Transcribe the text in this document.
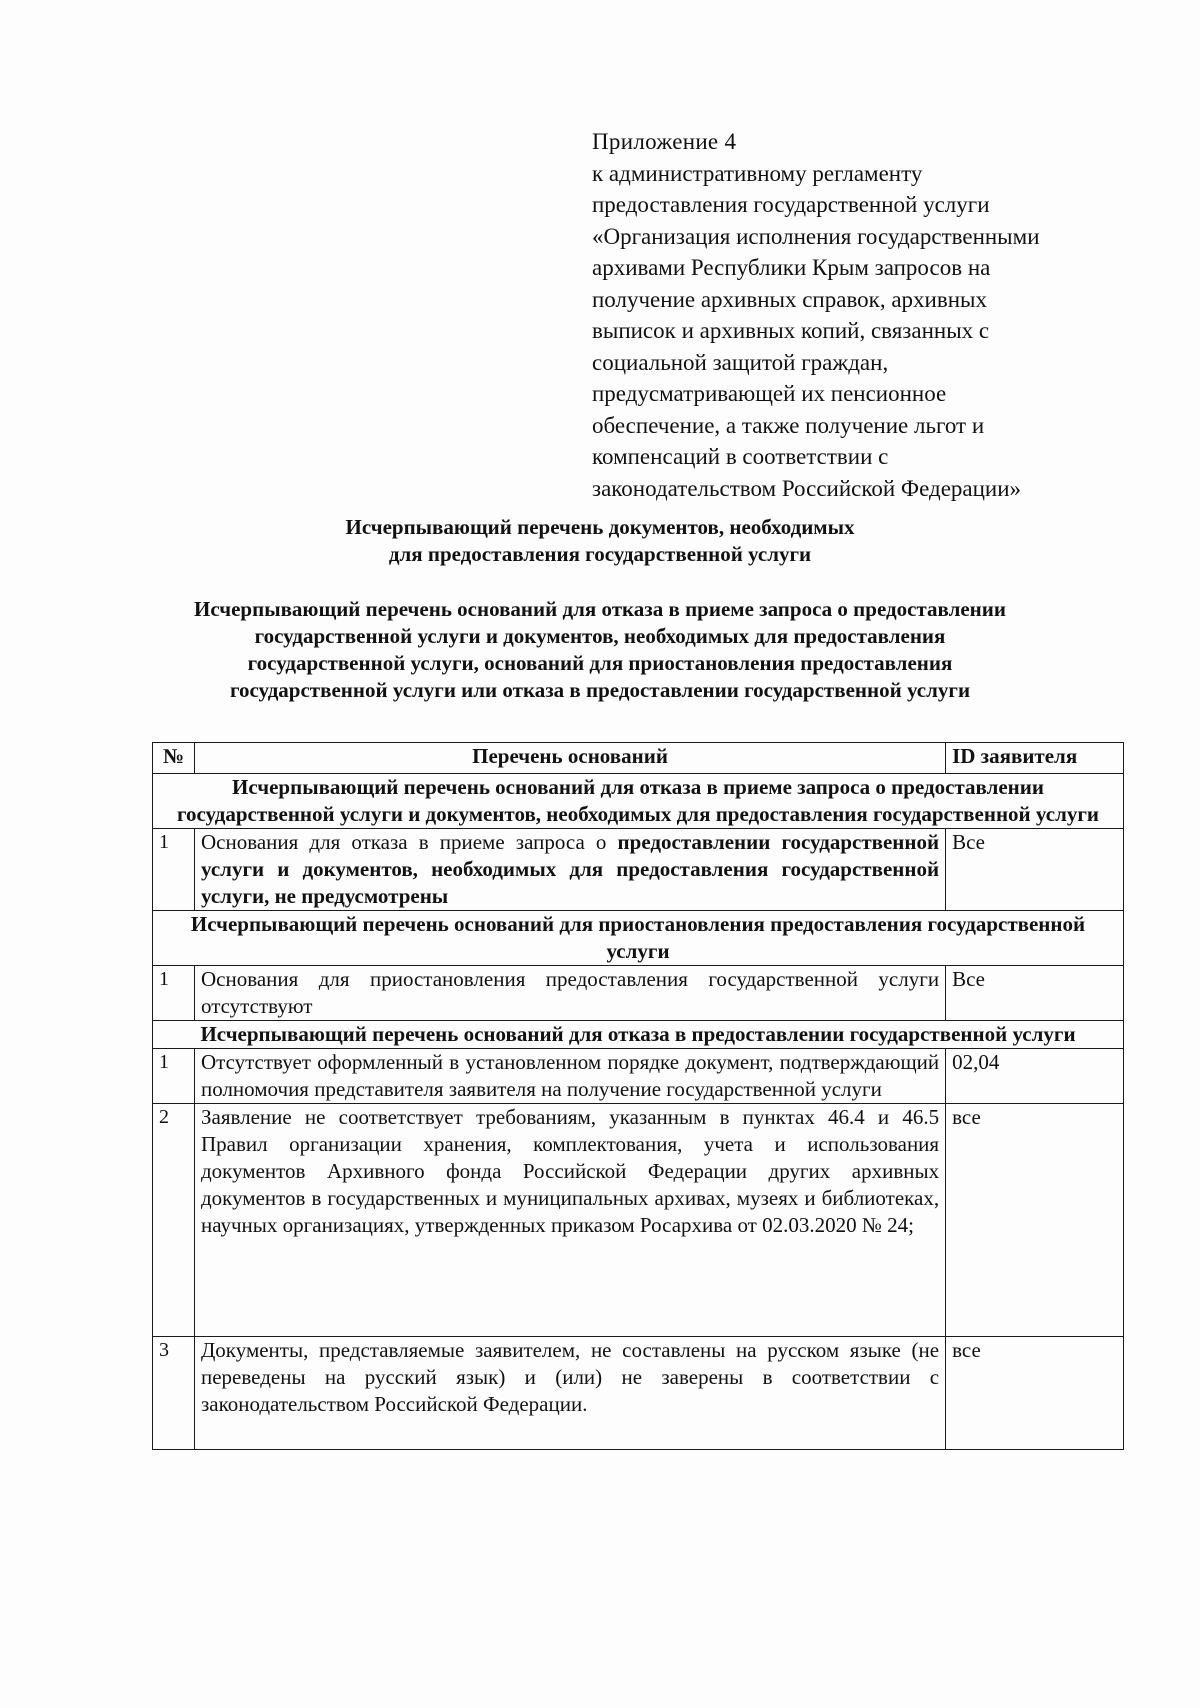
Приложение 4
к административному регламенту
предоставления государственной услуги
«Организация исполнения государственными
архивами Республики Крым запросов на
получение архивных справок, архивных
выписок и архивных копий, связанных с
социальной защитой граждан,
предусматривающей их пенсионное
обеспечение, а также получение льгот и
компенсаций в соответствии с
законодательством Российской Федерации»
Исчерпывающий перечень документов, необходимых
для предоставления государственной услуги
Исчерпывающий перечень оснований для отказа в приеме запроса о предоставлении
государственной услуги и документов, необходимых для предоставления
государственной услуги, оснований для приостановления предоставления
государственной услуги или отказа в предоставлении государственной услуги
№	Перечень оснований	ID заявителя
Исчерпывающий перечень оснований для отказа в приеме запроса о предоставлении государственной услуги и документов, необходимых для предоставления государственной услуги		
1	Основания для отказа в приеме запроса о предоставлении государственной услуги и документов, необходимых для предоставления государственной услуги, не предусмотрены	Все
Исчерпывающий перечень оснований для приостановления предоставления государственной услуги		
1	Основания для приостановления предоставления государственной услуги отсутствуют	Все
Исчерпывающий перечень оснований для отказа в предоставлении государственной услуги		
1	Отсутствует оформленный в установленном порядке документ, подтверждающий полномочия представителя заявителя на получение государственной услуги	02,04
2	Заявление не соответствует требованиям, указанным в пунктах 46.4 и 46.5 Правил организации хранения, комплектования, учета и использования документов Архивного фонда Российской Федерации других архивных документов в государственных и муниципальных архивах, музеях и библиотеках, научных организациях, утвержденных приказом Росархива от 02.03.2020 № 24;	все
3	Документы, представляемые заявителем, не составлены на русском языке (не переведены на русский язык) и (или) не заверены в соответствии с законодательством Российской Федерации.	все
